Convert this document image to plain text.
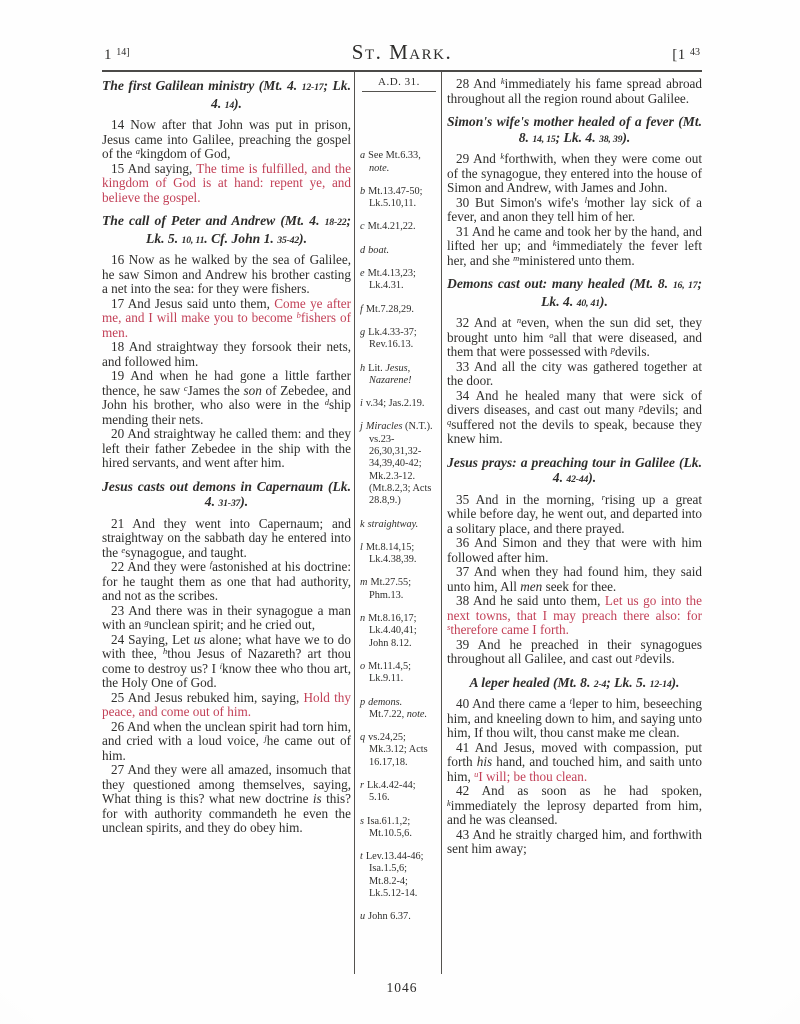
1 $^{14]}$	St. Mark.	[1 $^{43}$

The first Galilean ministry (Mt. 4. 12-17; Lk. 4. 14).

14 Now after that John was put in prison, Jesus came into Galilee, preaching the gospel of the $^a$kingdom of God,

15 And saying, The time is fulfilled, and the kingdom of God is at hand: repent ye, and believe the gospel.

The call of Peter and Andrew (Mt. 4. 18-22; Lk. 5. 10, 11. Cf. John 1. 35-42).

16 Now as he walked by the sea of Galilee, he saw Simon and Andrew his brother casting a net into the sea: for they were fishers.

17 And Jesus said unto them, Come ye after me, and I will make you to become $^b$fishers of men.

18 And straightway they forsook their nets, and followed him.

19 And when he had gone a little farther thence, he saw $^c$James the son of Zebedee, and John his brother, who also were in the $^d$ship mending their nets.

20 And straightway he called them: and they left their father Zebedee in the ship with the hired servants, and went after him.

Jesus casts out demons in Capernaum (Lk. 4. 31-37).

21 And they went into Capernaum; and straightway on the sabbath day he entered into the $^e$synagogue, and taught.

22 And they were $^f$astonished at his doctrine: for he taught them as one that had authority, and not as the scribes.

23 And there was in their synagogue a man with an $^g$unclean spirit; and he cried out,

24 Saying, Let us alone; what have we to do with thee, $^h$thou Jesus of Nazareth? art thou come to destroy us? I $^i$know thee who thou art, the Holy One of God.

25 And Jesus rebuked him, saying, Hold thy peace, and come out of him.

26 And when the unclean spirit had torn him, and cried with a loud voice, $^j$he came out of him.

27 And they were all amazed, insomuch that they questioned among themselves, saying, What thing is this? what new doctrine is this? for with authority commandeth he even the unclean spirits, and they do obey him.

A.D. 31.
a See Mt.6.33, note.
b Mt.13.47-50; Lk.5.10,11.
c Mt.4.21,22.
d boat.
e Mt.4.13,23; Lk.4.31.
f Mt.7.28,29.
g Lk.4.33-37; Rev.16.13.
h Lit. Jesus, Nazarene!
i v.34; Jas.2.19.
j Miracles (N.T.). vs.23-26,30,31,32-34,39,40-42; Mk.2.3-12. (Mt.8.2,3; Acts 28.8,9.)
k straightway.
l Mt.8.14,15; Lk.4.38,39.
m Mt.27.55; Phm.13.
n Mt.8.16,17; Lk.4.40,41; John 8.12.
o Mt.11.4,5; Lk.9.11.
p demons. Mt.7.22, note.
q vs.24,25; Mk.3.12; Acts 16.17,18.
r Lk.4.42-44; 5.16.
s Isa.61.1,2; Mt.10.5,6.
t Lev.13.44-46; Isa.1.5,6; Mt.8.2-4; Lk.5.12-14.
u John 6.37.

28 And $^k$immediately his fame spread abroad throughout all the region round about Galilee.

Simon's wife's mother healed of a fever (Mt. 8. 14, 15; Lk. 4. 38, 39).

29 And $^k$forthwith, when they were come out of the synagogue, they entered into the house of Simon and Andrew, with James and John.

30 But Simon's wife's $^l$mother lay sick of a fever, and anon they tell him of her.

31 And he came and took her by the hand, and lifted her up; and $^k$immediately the fever left her, and she $^m$ministered unto them.

Demons cast out: many healed (Mt. 8. 16, 17; Lk. 4. 40, 41).

32 And at $^n$even, when the sun did set, they brought unto him $^o$all that were diseased, and them that were possessed with $^p$devils.

33 And all the city was gathered together at the door.

34 And he healed many that were sick of divers diseases, and cast out many $^p$devils; and $^q$suffered not the devils to speak, because they knew him.

Jesus prays: a preaching tour in Galilee (Lk. 4. 42-44).

35 And in the morning, $^r$rising up a great while before day, he went out, and departed into a solitary place, and there prayed.

36 And Simon and they that were with him followed after him.

37 And when they had found him, they said unto him, All men seek for thee.

38 And he said unto them, Let us go into the next towns, that I may preach there also: for $^s$therefore came I forth.

39 And he preached in their synagogues throughout all Galilee, and cast out $^p$devils.

A leper healed (Mt. 8. 2-4; Lk. 5. 12-14).

40 And there came a $^t$leper to him, beseeching him, and kneeling down to him, and saying unto him, If thou wilt, thou canst make me clean.

41 And Jesus, moved with compassion, put forth his hand, and touched him, and saith unto him, $^u$I will; be thou clean.

42 And as soon as he had spoken, $^k$immediately the leprosy departed from him, and he was cleansed.

43 And he straitly charged him, and forthwith sent him away;

1046
